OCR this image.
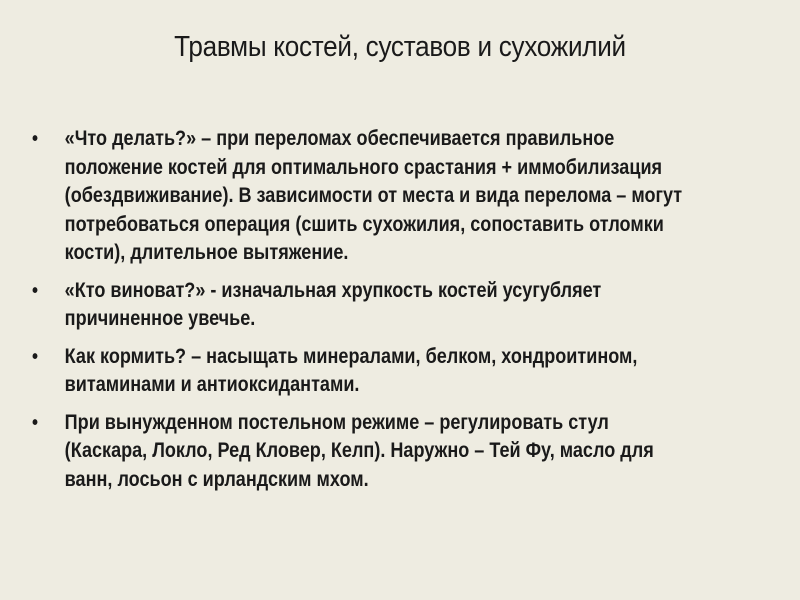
Травмы костей, суставов и сухожилий
• «Что делать?» – при переломах обеспечивается правильное положение костей для оптимального срастания + иммобилизация (обездвиживание). В зависимости от места и вида перелома – могут потребоваться операция (сшить сухожилия, сопоставить отломки кости), длительное вытяжение.
• «Кто виноват?» - изначальная хрупкость костей усугубляет причиненное увечье.
• Как кормить? – насыщать минералами, белком, хондроитином, витаминами и антиоксидантами.
• При вынужденном постельном режиме – регулировать стул (Каскара, Локло, Ред Кловер, Келп). Наружно – Тей Фу, масло для ванн, лосьон с ирландским мхом.
